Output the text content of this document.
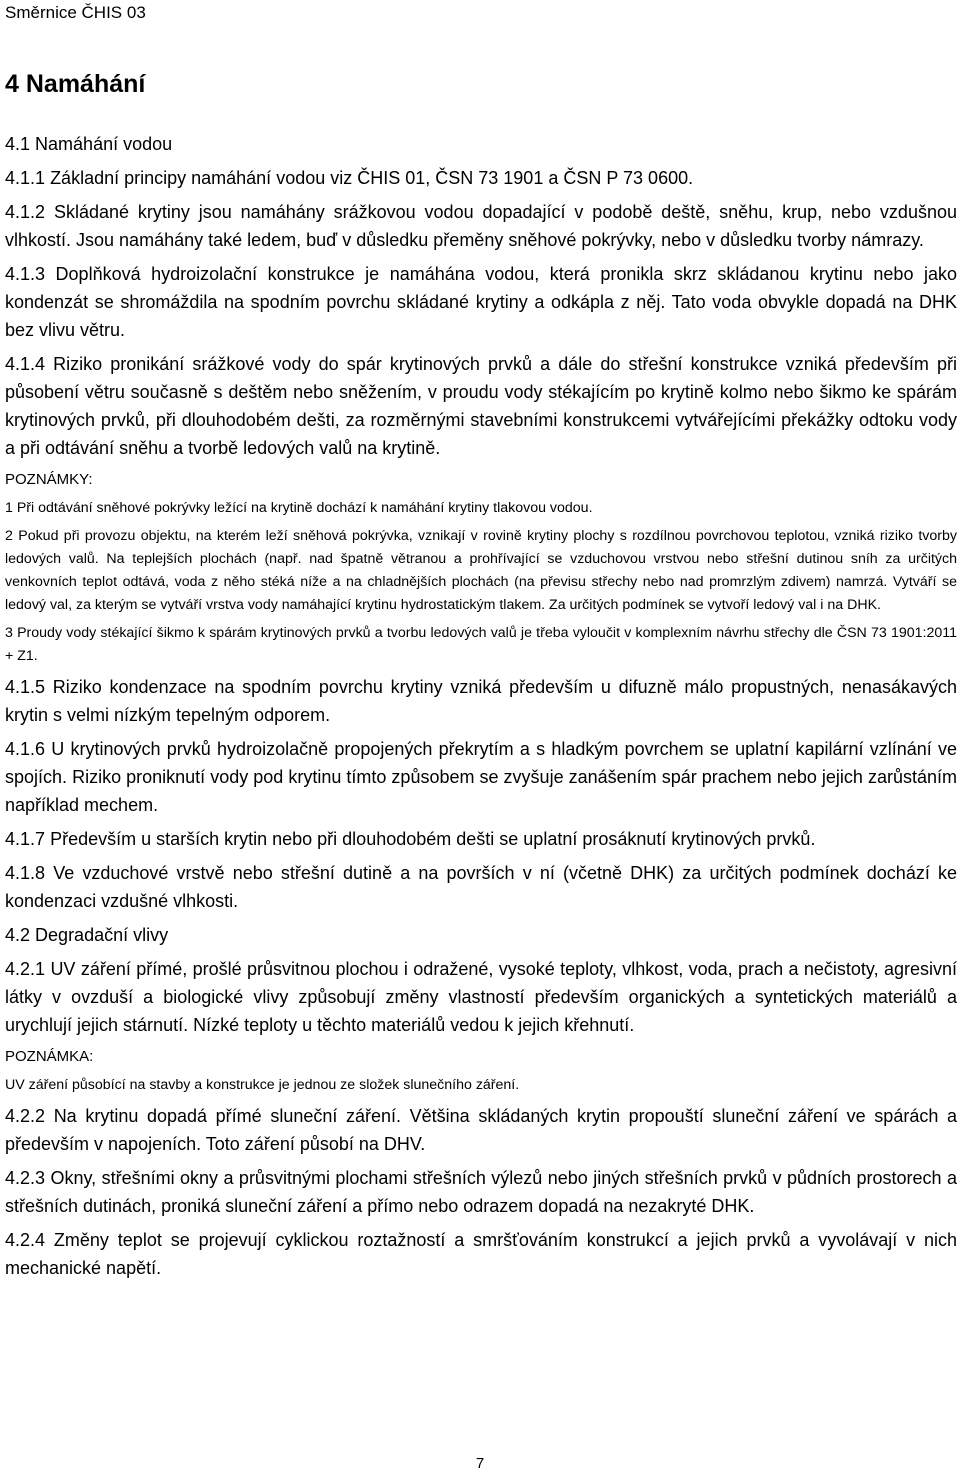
Směrnice ČHIS 03
4 Namáhání

4.1 Namáhání vodou

4.1.1 Základní principy namáhání vodou viz ČHIS 01, ČSN 73 1901 a ČSN P 73 0600.

4.1.2 Skládané krytiny jsou namáhány srážkovou vodou dopadající v podobě deště, sněhu, krup, nebo vzdušnou vlhkostí. Jsou namáhány také ledem, buď v důsledku přeměny sněhové pokrývky, nebo v důsledku tvorby námrazy.

4.1.3 Doplňková hydroizolační konstrukce je namáhána vodou, která pronikla skrz skládanou krytinu nebo jako kondenzát se shromáždila na spodním povrchu skládané krytiny a odkápla z něj. Tato voda obvykle dopadá na DHK bez vlivu větru.

4.1.4 Riziko pronikání srážkové vody do spár krytinových prvků a dále do střešní konstrukce vzniká především při působení větru současně s deštěm nebo sněžením, v proudu vody stékajícím po krytině kolmo nebo šikmo ke spárám krytinových prvků, při dlouhodobém dešti, za rozměrnými stavebními konstrukcemi vytvářejícími překážky odtoku vody a při odtávání sněhu a tvorbě ledových valů na krytině.

POZNÁMKY:

1 Při odtávání sněhové pokrývky ležící na krytině dochází k namáhání krytiny tlakovou vodou.

2 Pokud při provozu objektu, na kterém leží sněhová pokrývka, vznikají v rovině krytiny plochy s rozdílnou povrchovou teplotou, vzniká riziko tvorby ledových valů. Na teplejších plochách (např. nad špatně větranou a prohřívající se vzduchovou vrstvou nebo střešní dutinou sníh za určitých venkovních teplot odtává, voda z něho stéká níže a na chladnějších plochách (na převisu střechy nebo nad promrzlým zdivem) namrzá. Vytváří se ledový val, za kterým se vytváří vrstva vody namáhající krytinu hydrostatickým tlakem. Za určitých podmínek se vytvoří ledový val i na DHK.

3 Proudy vody stékající šikmo k spárám krytinových prvků a tvorbu ledových valů je třeba vyloučit v komplexním návrhu střechy dle ČSN 73 1901:2011 + Z1.

4.1.5 Riziko kondenzace na spodním povrchu krytiny vzniká především u difuzně málo propustných, nenasákavých krytin s velmi nízkým tepelným odporem.

4.1.6 U krytinových prvků hydroizolačně propojených překrytím a s hladkým povrchem se uplatní kapilární vzlínání ve spojích. Riziko proniknutí vody pod krytinu tímto způsobem se zvyšuje zanášením spár prachem nebo jejich zarůstáním například mechem.

4.1.7 Především u starších krytin nebo při dlouhodobém dešti se uplatní prosáknutí krytinových prvků.

4.1.8 Ve vzduchové vrstvě nebo střešní dutině a na površích v ní (včetně DHK) za určitých podmínek dochází ke kondenzaci vzdušné vlhkosti.

4.2 Degradační vlivy

4.2.1 UV záření přímé, prošlé průsvitnou plochou i odražené, vysoké teploty, vlhkost, voda, prach a nečistoty, agresivní látky v ovzduší a biologické vlivy způsobují změny vlastností především organických a syntetických materiálů a urychlují jejich stárnutí. Nízké teploty u těchto materiálů vedou k jejich křehnutí.

POZNÁMKA:

UV záření působící na stavby a konstrukce je jednou ze složek slunečního záření.

4.2.2 Na krytinu dopadá přímé sluneční záření. Většina skládaných krytin propouští sluneční záření ve spárách a především v napojeních. Toto záření působí na DHV.

4.2.3 Okny, střešními okny a průsvitnými plochami střešních výlezů nebo jiných střešních prvků v půdních prostorech a střešních dutinách, proniká sluneční záření a přímo nebo odrazem dopadá na nezakryté DHK.

4.2.4 Změny teplot se projevují cyklickou roztažností a smršťováním konstrukcí a jejich prvků a vyvolávají v nich mechanické napětí.

7
